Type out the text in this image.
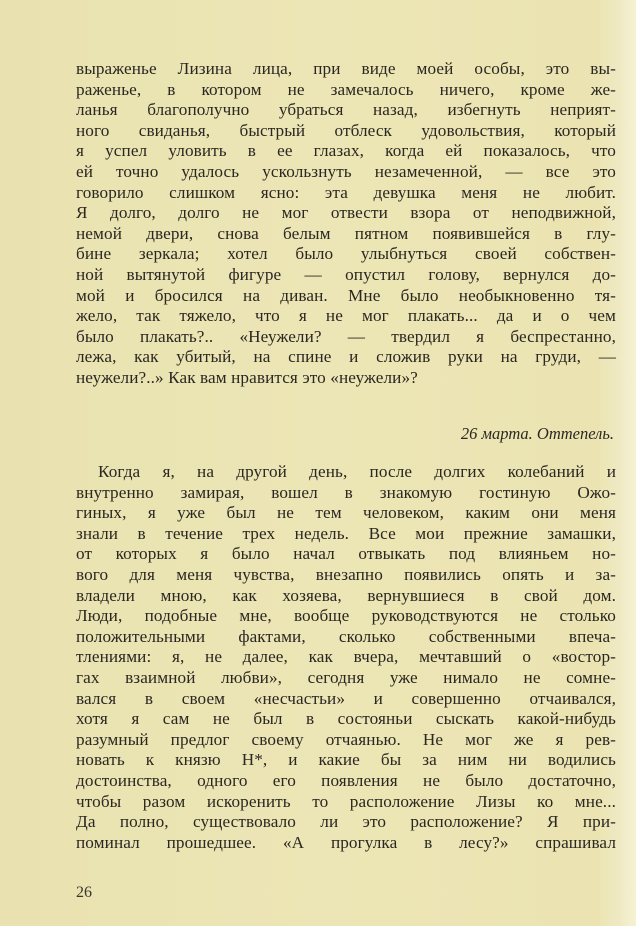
выраженье Лизина лица, при виде моей особы, это вы-
раженье, в котором не замечалось ничего, кроме же-
ланья благополучно убраться назад, избегнуть неприят-
ного свиданья, быстрый отблеск удовольствия, который
я успел уловить в ее глазах, когда ей показалось, что
ей точно удалось ускользнуть незамеченной, — все это
говорило слишком ясно: эта девушка меня не любит.
Я долго, долго не мог отвести взора от неподвижной,
немой двери, снова белым пятном появившейся в глу-
бине зеркала; хотел было улыбнуться своей собствен-
ной вытянутой фигуре — опустил голову, вернулся до-
мой и бросился на диван. Мне было необыкновенно тя-
жело, так тяжело, что я не мог плакать... да и о чем
было плакать?.. «Неужели? — твердил я беспрестанно,
лежа, как убитый, на спине и сложив руки на груди, —
неужели?..» Как вам нравится это «неужели»?
26 марта. Оттепель.
Когда я, на другой день, после долгих колебаний и
внутренно замирая, вошел в знакомую гостиную Ожо-
гиных, я уже был не тем человеком, каким они меня
знали в течение трех недель. Все мои прежние замашки,
от которых я было начал отвыкать под влияньем но-
вого для меня чувства, внезапно появились опять и за-
владели мною, как хозяева, вернувшиеся в свой дом.
Люди, подобные мне, вообще руководствуются не столько
положительными фактами, сколько собственными впеча-
тлениями: я, не далее, как вчера, мечтавший о «востор-
гах взаимной любви», сегодня уже нимало не сомне-
вался в своем «несчастьи» и совершенно отчаивался,
хотя я сам не был в состояньи сыскать какой-нибудь
разумный предлог своему отчаянью. Не мог же я рев-
новать к князю Н*, и какие бы за ним ни водились
достоинства, одного его появления не было достаточно,
чтобы разом искоренить то расположение Лизы ко мне...
Да полно, существовало ли это расположение? Я при-
поминал прошедшее. «А прогулка в лесу?» спрашивал
26
